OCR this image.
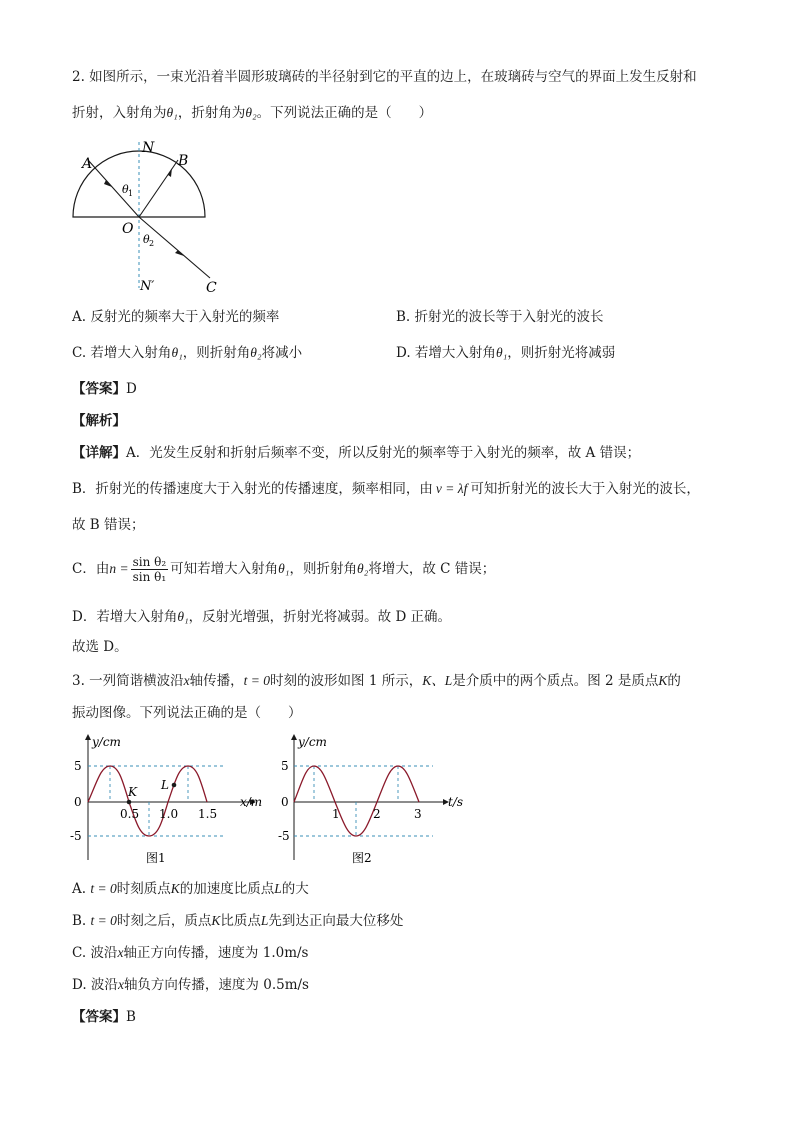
2. 如图所示，一束光沿着半圆形玻璃砖的半径射到它的平直的边上，在玻璃砖与空气的界面上发生反射和
折射，入射角为θ₁，折射角为θ₂。下列说法正确的是（　　）
A
N
B
O
N′	C
θ 1
θ 2
A. 反射光的频率大于入射光的频率	B. 折射光的波长等于入射光的波长
C. 若增大入射角θ₁，则折射角θ₂将减小	D. 若增大入射角θ₁，则折射光将减弱
【答案】D
【解析】
【详解】A．光发生反射和折射后频率不变，所以反射光的频率等于入射光的频率，故 A 错误；
B．折射光的传播速度大于入射光的传播速度，频率相同，由 v = λf 可知折射光的波长大于入射光的波长，
故 B 错误；
C．由$n = \frac{\text{sin θ₂}}{\text{sin θ₁}}$ 可知若增大入射角θ₁，则折射角θ₂将增大，故 C 错误；
D．若增大入射角θ₁，反射光增强，折射光将减弱。故 D 正确。
故选 D。
3. 一列简谐横波沿x轴传播，t = 0时刻的波形如图 1 所示，K、L是介质中的两个质点。图 2 是质点K的
振动图像。下列说法正确的是（　　）
y/cm
x/m
5
0
-5
0.5 1.0 1.5
K L
图1
y/cm
t/s
5
0
-5
1	2	3
图2
A. t = 0时刻质点K的加速度比质点L的大
B. t = 0时刻之后，质点K比质点L先到达正向最大位移处
C. 波沿x轴正方向传播，速度为 1.0m/s
D. 波沿x轴负方向传播，速度为 0.5m/s
【答案】B
